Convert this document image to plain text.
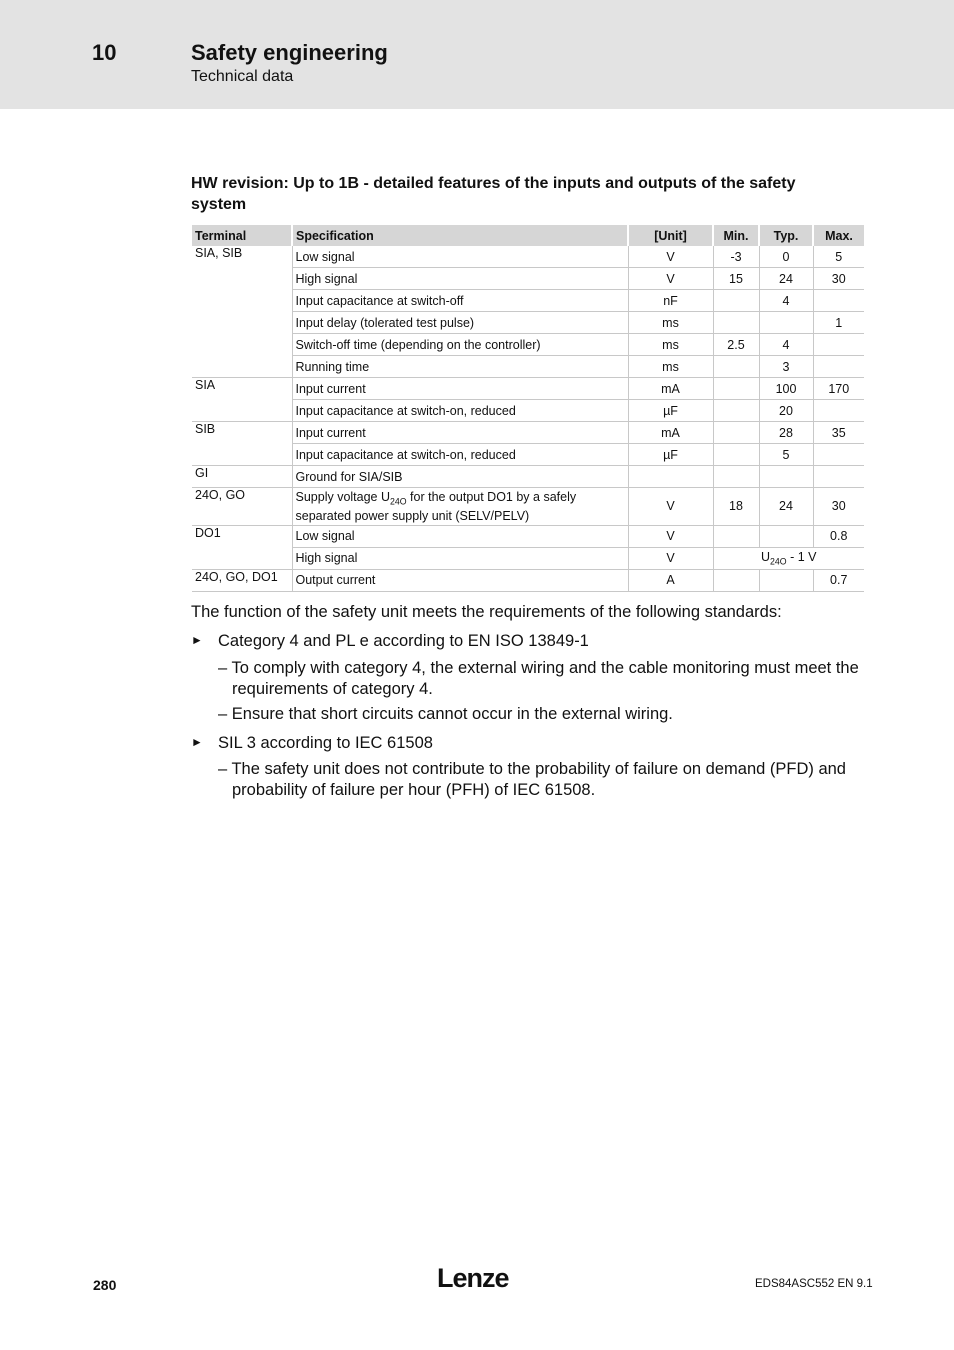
10	Safety engineering
Technical data
HW revision: Up to 1B - detailed features of the inputs and outputs of the safety system
Terminal	Specification	[Unit]	Min.	Typ.	Max.
SIA, SIB	Low signal	V	-3	0	5
	High signal	V	15	24	30
	Input capacitance at switch-off	nF		4	
	Input delay (tolerated test pulse)	ms			1
	Switch-off time (depending on the controller)	ms	2.5	4	
	Running time	ms		3	
SIA	Input current	mA		100	170
	Input capacitance at switch-on, reduced	µF		20	
SIB	Input current	mA		28	35
	Input capacitance at switch-on, reduced	µF		5	
GI	Ground for SIA/SIB				
24O, GO	Supply voltage $U_{24O}$ for the output DO1 by a safely separated power supply unit (SELV/PELV)	V	18	24	30
DO1	Low signal	V			0.8
	High signal	V	$U_{24O} - 1$ V		
24O, GO, DO1	Output current	A			0.7
The function of the safety unit meets the requirements of the following standards:
► Category 4 and PL e according to EN ISO 13849-1
– To comply with category 4, the external wiring and the cable monitoring must meet the requirements of category 4.
– Ensure that short circuits cannot occur in the external wiring.
► SIL 3 according to IEC 61508
– The safety unit does not contribute to the probability of failure on demand (PFD) and probability of failure per hour (PFH) of IEC 61508.
280	Lenze	EDS84ASC552 EN 9.1
